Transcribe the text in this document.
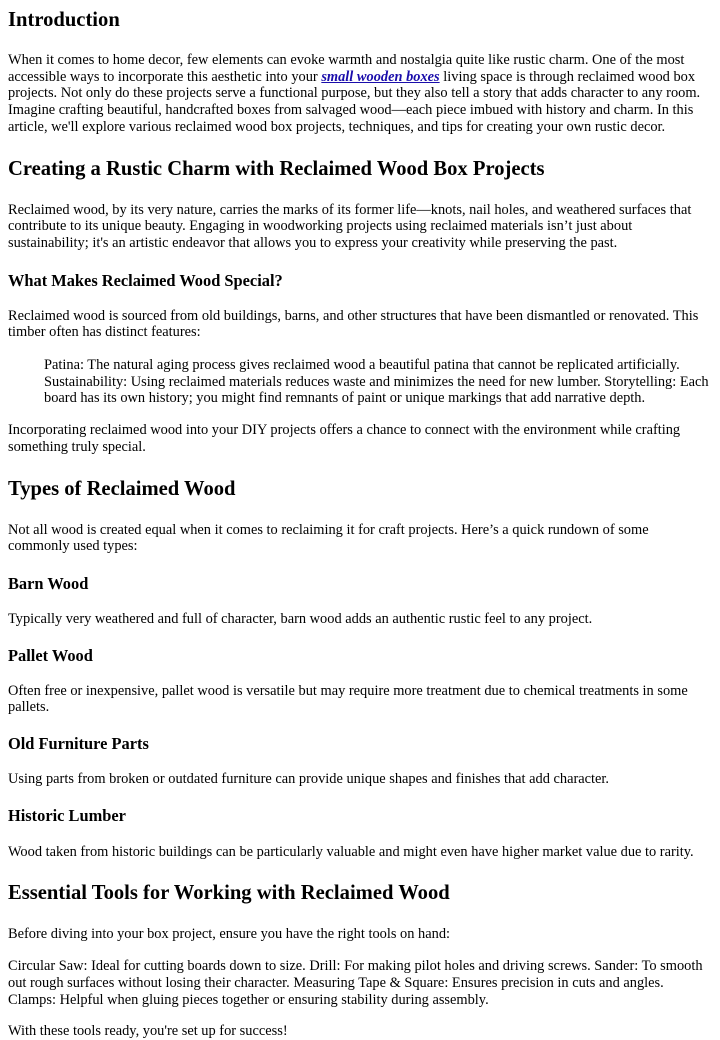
Introduction

When it comes to home decor, few elements can evoke warmth and nostalgia quite like rustic charm. One of the most accessible ways to incorporate this aesthetic into your small wooden boxes living space is through reclaimed wood box projects. Not only do these projects serve a functional purpose, but they also tell a story that adds character to any room. Imagine crafting beautiful, handcrafted boxes from salvaged wood—each piece imbued with history and charm. In this article, we'll explore various reclaimed wood box projects, techniques, and tips for creating your own rustic decor.

Creating a Rustic Charm with Reclaimed Wood Box Projects

Reclaimed wood, by its very nature, carries the marks of its former life—knots, nail holes, and weathered surfaces that contribute to its unique beauty. Engaging in woodworking projects using reclaimed materials isn’t just about sustainability; it's an artistic endeavor that allows you to express your creativity while preserving the past.

What Makes Reclaimed Wood Special?

Reclaimed wood is sourced from old buildings, barns, and other structures that have been dismantled or renovated. This timber often has distinct features:

Patina: The natural aging process gives reclaimed wood a beautiful patina that cannot be replicated artificially. Sustainability: Using reclaimed materials reduces waste and minimizes the need for new lumber. Storytelling: Each board has its own history; you might find remnants of paint or unique markings that add narrative depth.

Incorporating reclaimed wood into your DIY projects offers a chance to connect with the environment while crafting something truly special.

Types of Reclaimed Wood

Not all wood is created equal when it comes to reclaiming it for craft projects. Here’s a quick rundown of some commonly used types:

Barn Wood

Typically very weathered and full of character, barn wood adds an authentic rustic feel to any project.

Pallet Wood

Often free or inexpensive, pallet wood is versatile but may require more treatment due to chemical treatments in some pallets.

Old Furniture Parts

Using parts from broken or outdated furniture can provide unique shapes and finishes that add character.

Historic Lumber

Wood taken from historic buildings can be particularly valuable and might even have higher market value due to rarity.

Essential Tools for Working with Reclaimed Wood

Before diving into your box project, ensure you have the right tools on hand:

Circular Saw: Ideal for cutting boards down to size. Drill: For making pilot holes and driving screws. Sander: To smooth out rough surfaces without losing their character. Measuring Tape & Square: Ensures precision in cuts and angles. Clamps: Helpful when gluing pieces together or ensuring stability during assembly.

With these tools ready, you're set up for success!
